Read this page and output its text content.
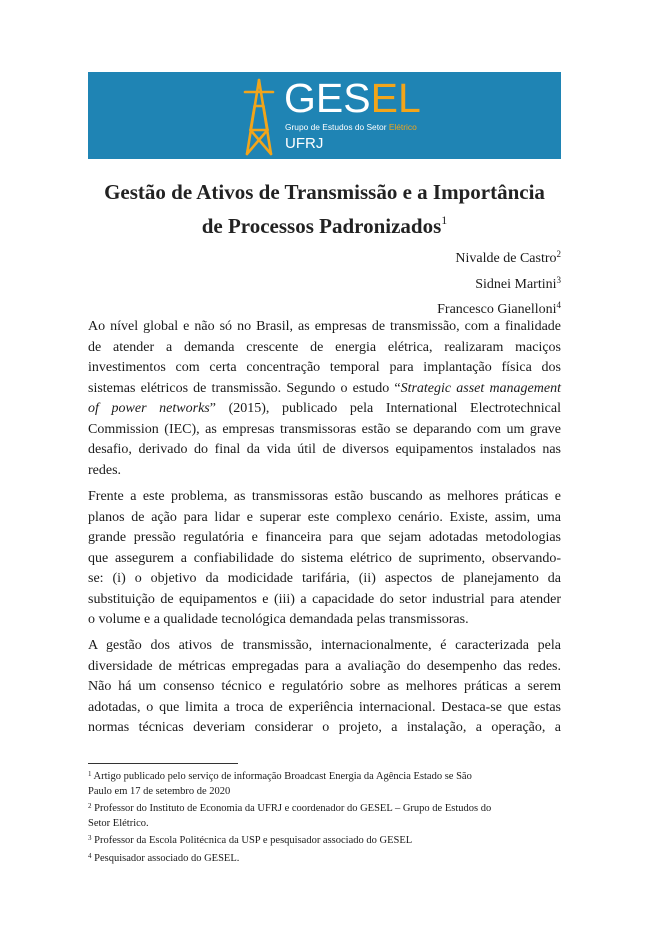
GESEL
Grupo de Estudos do Setor Elétrico
UFRJ
Gestão de Ativos de Transmissão e a Importância
de Processos Padronizados$^1$
Nivalde de Castro$^2$
Sidnei Martini$^3$
Francesco Gianelloni$^4$
Ao nível global e não só no Brasil, as empresas de transmissão, com a finalidade
de atender a demanda crescente de energia elétrica, realizaram maciços
investimentos com certa concentração temporal para implantação física dos
sistemas elétricos de transmissão. Segundo o estudo “Strategic asset management
of power networks” (2015), publicado pela International Electrotechnical
Commission (IEC), as empresas transmissoras estão se deparando com um grave
desafio, derivado do final da vida útil de diversos equipamentos instalados nas
redes.
Frente a este problema, as transmissoras estão buscando as melhores práticas e
planos de ação para lidar e superar este complexo cenário. Existe, assim, uma
grande pressão regulatória e financeira para que sejam adotadas metodologias
que assegurem a confiabilidade do sistema elétrico de suprimento, observando-
se: (i) o objetivo da modicidade tarifária, (ii) aspectos de planejamento da
substituição de equipamentos e (iii) a capacidade do setor industrial para atender
o volume e a qualidade tecnológica demandada pelas transmissoras.
A gestão dos ativos de transmissão, internacionalmente, é caracterizada pela
diversidade de métricas empregadas para a avaliação do desempenho das redes.
Não há um consenso técnico e regulatório sobre as melhores práticas a serem
adotadas, o que limita a troca de experiência internacional. Destaca-se que estas
normas técnicas deveriam considerar o projeto, a instalação, a operação, a
$^1$ Artigo publicado pelo serviço de informação Broadcast Energia da Agência Estado se São
Paulo em 17 de setembro de 2020
$^2$ Professor do Instituto de Economia da UFRJ e coordenador do GESEL – Grupo de Estudos do
Setor Elétrico.
$^3$ Professor da Escola Politécnica da USP e pesquisador associado do GESEL
$^4$ Pesquisador associado do GESEL.
